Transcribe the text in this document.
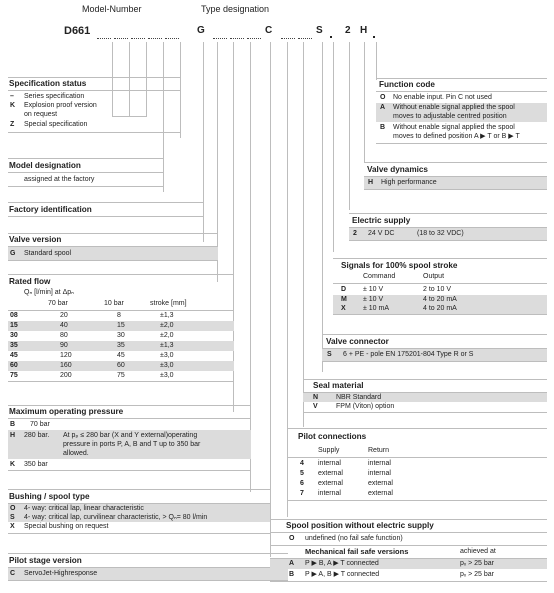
Model-Number	Type designation
D661	G	C	S 2 H
Specification status
– Series specification
K Explosion proof version
on request
Z Special specification
Model designation
assigned at the factory
Factory identification
Valve version
G Standard spool
Rated flow
Qₙ [l/min] at Δpₙ
70 bar	10 bar	stroke [mm]
08	20	8	±1,3
15	40	15	±2,0
30	80	30	±2,0
35	90	35	±1,3
45	120	45	±3,0
60	160	60	±3,0
75	200	75	±3,0
Maximum operating pressure
B 70 bar
H 280 bar. At pₚ ≤ 280 bar (X and Y external)operating
pressure in ports P, A, B and T up to 350 bar
allowed.
K 350 bar
Bushing / spool type
O 4- way: critical lap, linear characteristic
S 4- way: critical lap, curvilinear characteristic, > Qₙ= 80 l/min
X Special bushing on request
Pilot stage version
C ServoJet-Highresponse
Function code
O No enable input. Pin C not used
A Without enable signal applied the spool
moves to adjustable centred position
B Without enable signal applied the spool
moves to defined position A ▶ T or B ▶ T
Valve dynamics
H High performance
Electric supply
2 24 V DC	(18 to 32 VDC)
Signals for 100% spool stroke
Command	Output
D ± 10 V	2 to 10 V
M ± 10 V	4 to 20 mA
X ± 10 mA	4 to 20 mA
Valve connector
S 6 + PE - pole EN 175201-804 Type R or S
Seal material
N	NBR Standard
V	FPM (Viton) option
Pilot connections
Supply	Return
4 internal	internal
5 external	internal
6 external	external
7 internal	external
Spool position without electric supply
O undefined (no fail safe function)
Mechanical fail safe versions	achieved at
A P ▶ B, A ▶ T connected	pₓ > 25 bar
B P ▶ A, B ▶ T connected	pₓ > 25 bar
